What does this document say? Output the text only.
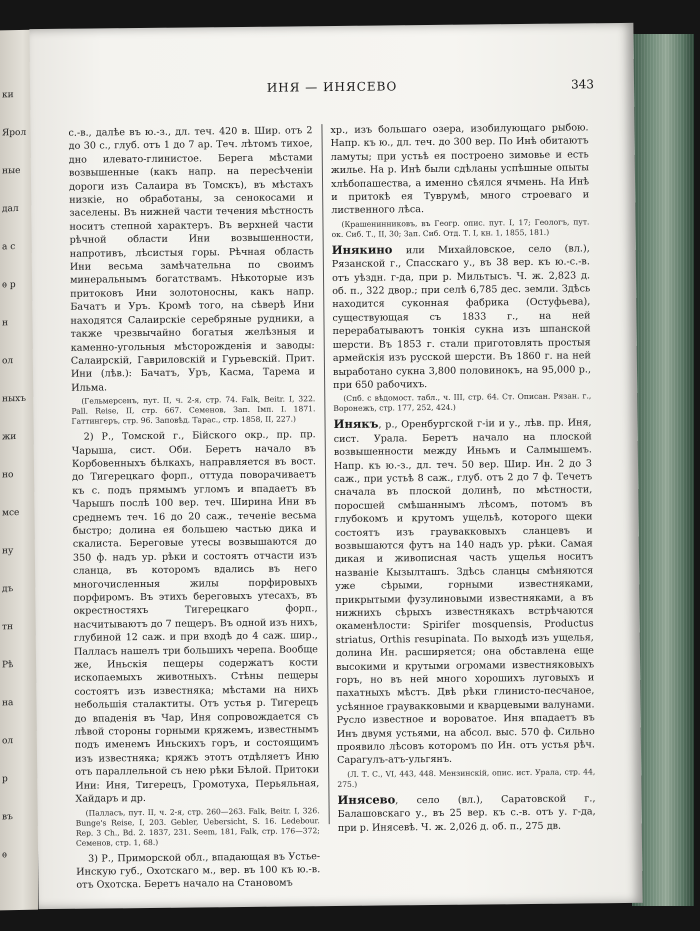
ки
Ярол
ные
дал
а с
ѳ р
н
ол
ныхъ
жи
но
мсе
ну
дъ
тн
Рѣ
на
ол
р
въ
ѳ
ИНЯ — ИНЯСЕВО	343

с.-в., далѣе въ ю.-з., дл. теч. 420 в. Шир. отъ 2 до 30 с., глуб. отъ 1 до 7 ар. Теч. лѣтомъ тихое, дно илевато-глинистое. Берега мѣстами возвышенные (какъ напр. на пересѣченіи дороги изъ Салаира въ Томскъ), въ мѣстахъ низкіе, но обработаны, за сенокосами и заселены. Въ нижней части течения мѣстность носитъ степной характеръ. Въ верхней части рѣчной области Ини возвышенности, напротивъ, лѣсистыя горы. Рѣчная область Ини весьма замѣчательна по своимъ минеральнымъ богатствамъ. Нѣкоторые изъ притоковъ Ини золотоносны, какъ напр. Бачатъ и Уръ. Кромѣ того, на сѣверѣ Ини находятся Салаирскіе серебряные рудники, а также чрезвычайно богатыя желѣзныя и каменно-угольныя мѣсторожденія и заводы: Салаирскій, Гавриловскій и Гурьевскій. Прит. Ини (лѣв.): Бачатъ, Уръ, Касма, Тарема и Ильма.

(Гельмерсенъ, пут. II, ч. 2-я, стр. 74. Falk, Beitr. I, 322. Pall. Reise, II, стр. 667. Семенов, Зап. Імп. І. 1871. Гаттингеръ, стр. 96. Заповѣд. Тарас., стр. 1858, II, 227.)

2) Р., Томской г., Бійского окр., пр. пр. Чарыша, сист. Оби. Беретъ начало въ Корбовенныхъ бѣлкахъ, направляется въ вост. до Тигерецкаго форп., оттуда поворачиваетъ къ с. подъ прямымъ угломъ и впадаетъ въ Чарышъ послѣ 100 вер. теч. Ширина Ини въ среднемъ теч. 16 до 20 саж., теченіе весьма быстро; долина ея большею частью дика и скалиста. Береговые утесы возвышаются до 350 ф. надъ ур. рѣки и состоятъ отчасти изъ сланца, въ которомъ вдались въ него многочисленныя жилы порфировыхъ порфиромъ. Въ этихъ береговыхъ утесахъ, въ окрестностяхъ Тигерецкаго форп., насчитываютъ до 7 пещеръ. Въ одной изъ нихъ, глубиной 12 саж. и при входѣ до 4 саж. шир., Палласъ нашелъ три большихъ черепа. Вообще же, Иньскія пещеры содержатъ кости ископаемыхъ животныхъ. Стѣны пещеры состоятъ изъ известняка; мѣстами на нихъ небольшія сталактиты. Отъ устья р. Тигерецъ до впаденія въ Чар, Иня сопровождается съ лѣвой стороны горными кряжемъ, известнымъ подъ именемъ Иньскихъ горъ, и состоящимъ изъ известняка; кряжъ этотъ отдѣляетъ Иню отъ параллельной съ нею рѣки Бѣлой. Притоки Ини: Иня, Тигерецъ, Громотуха, Перьяльная, Хайдаръ и др.

(Палласъ, пут. II, ч. 2-я, стр. 260—263. Falk, Beitr. I, 326. Bunge's Reise, I, 203. Gebler, Uebersicht, S. 16. Ledebour. Rep. 3 Ch., Bd. 2. 1837, 231. Seem, 181, Falk, стр. 176—372; Семенов, стр. 1, 68.)

3) Р., Приморской обл., впадающая въ Устье-Инскую губ., Охотскаго м., вер. въ 100 къ ю.-в. отъ Охотска. Беретъ начало на Становомъ

хр., изъ большаго озера, изобилующаго рыбою. Напр. къ ю., дл. теч. до 300 вер. По Инѣ обитаютъ ламуты; при устьѣ ея построено зимовье и есть жилье. На р. Инѣ были сдѣланы успѣшные опыты хлѣбопашества, а именно сѣялся ячмень. На Инѣ и притокѣ ея Туврумѣ, много строеваго и лиственного лѣса.

(Крашенинниковъ, въ Геогр. опис. пут. I, 17; Геологъ, пут. ок. Сиб. Т., II, 30; Зап. Сиб. Отд. Т. I, кн. 1, 1855, 181.)

Инякино или Михайловское, село (вл.), Рязанской г., Спасскаго у., въ 38 вер. къ ю.-с.-в. отъ уѣздн. г-да, при р. Мильтысъ. Ч. ж. 2,823 д. об. п., 322 двор.; при селѣ 6,785 дес. земли. Здѣсь находится суконная фабрика (Остуфьева), существующая съ 1833 г., на ней перерабатываютъ тонкія сукна изъ шпанской шерсти. Въ 1853 г. стали приготовлять простыя армейскія изъ русской шерсти. Въ 1860 г. на ней выработано сукна 3,800 половинокъ, на 95,000 р., при 650 рабочихъ.

(Спб. с вѣдомост. табл., ч. III, стр. 64. Ст. Описан. Рязан. г., Воронежъ, стр. 177, 252, 424.)

Инякъ, р., Оренбургской г-іи и у., лѣв. пр. Иня, сист. Урала. Беретъ начало на плоской возвышенности между Иньмъ и Салмышемъ. Напр. къ ю.-з., дл. теч. 50 вер. Шир. Ин. 2 до 3 саж., при устьѣ 8 саж., глуб. отъ 2 до 7 ф. Течетъ сначала въ плоской долинѣ, по мѣстности, поросшей смѣшаннымъ лѣсомъ, потомъ въ глубокомъ и крутомъ ущельѣ, которого щеки состоятъ изъ граувакковыхъ сланцевъ и возвышаются футъ на 140 надъ ур. рѣки. Самая дикая и живописная часть ущелья носитъ названіе Кызылташъ. Здѣсь сланцы смѣняются уже сѣрыми, горными известняками, прикрытыми фузулиновыми известняками, а въ нижнихъ сѣрыхъ известнякахъ встрѣчаются окаменѣлости: Spirifer mosquensis, Productus striatus, Orthis resupinata. По выходѣ изъ ущелья, долина Ин. расширяется; она обставлена еще высокими и крутыми огромами известняковыхъ горъ, но въ ней много хорошихъ луговыхъ и пахатныхъ мѣстъ. Двѣ рѣки глинисто-песчаное, усѣянное граувакковыми и кварцевыми валунами. Русло известное и вороватое. Иня впадаетъ въ Инъ двумя устьями, на абсол. выс. 570 ф. Сильно проявило лѣсовъ которомъ по Ин. отъ устья рѣч. Сарагулъ-атъ-ульгянъ.

(Л. Т. С., VI, 443, 448. Мензинскій, опис. ист. Урала, стр. 44, 275.)

Инясево, село (вл.), Саратовской г., Балашовскаго у., въ 25 вер. къ с.-в. отъ у. г-да, при р. Инясевѣ. Ч. ж. 2,026 д. об. п., 275 дв.
